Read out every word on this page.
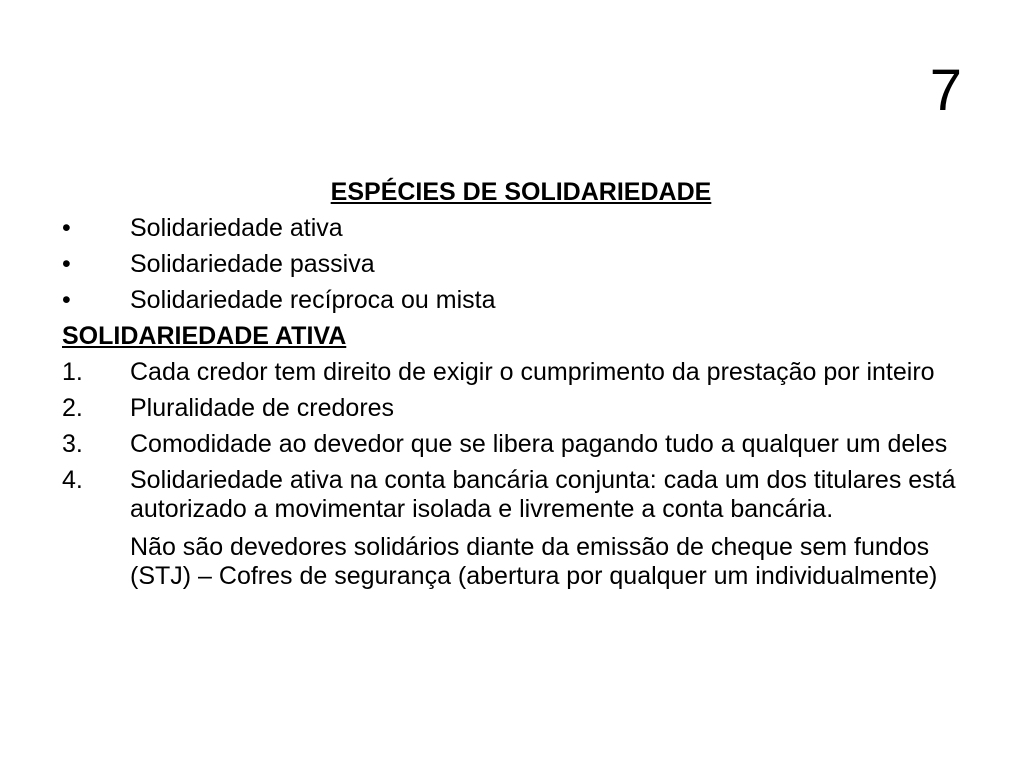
7
ESPÉCIES DE SOLIDARIEDADE
•	Solidariedade ativa
•	Solidariedade passiva
•	Solidariedade recíproca ou mista
SOLIDARIEDADE ATIVA
1.	Cada credor tem direito de exigir o cumprimento da prestação por inteiro
2.	Pluralidade de credores
3.	Comodidade ao devedor que se libera pagando tudo a qualquer um deles
4.	Solidariedade ativa na conta bancária conjunta: cada um dos titulares está autorizado a movimentar isolada e livremente a conta bancária.
Não são devedores solidários diante da emissão de cheque sem fundos (STJ) – Cofres de segurança (abertura por qualquer um individualmente)
